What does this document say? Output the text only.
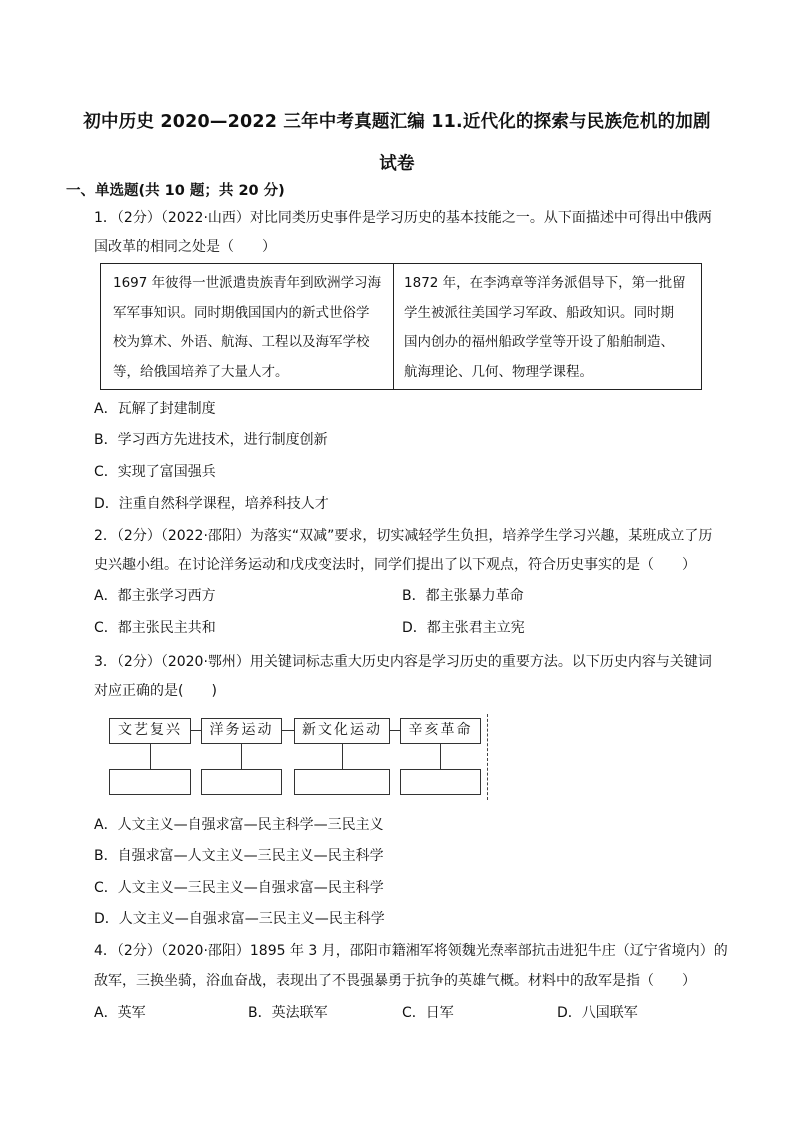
初中历史 2020—2022 三年中考真题汇编 11.近代化的探索与民族危机的加剧
试卷
一、单选题(共 10 题；共 20 分)
1．（2分）（2022·山西）对比同类历史事件是学习历史的基本技能之一。从下面描述中可得出中俄两
国改革的相同之处是（　　）
1697 年彼得一世派遣贵族青年到欧洲学习海
军军事知识。同时期俄国国内的新式世俗学
校为算术、外语、航海、工程以及海军学校
等，给俄国培养了大量人才。
1872 年，在李鸿章等洋务派倡导下，第一批留
学生被派往美国学习军政、船政知识。同时期
国内创办的福州船政学堂等开设了船舶制造、
航海理论、几何、物理学课程。
A．瓦解了封建制度
B．学习西方先进技术，进行制度创新
C．实现了富国强兵
D．注重自然科学课程，培养科技人才
2．（2分）（2022·邵阳）为落实“双减”要求，切实减轻学生负担，培养学生学习兴趣，某班成立了历
史兴趣小组。在讨论洋务运动和戊戌变法时，同学们提出了以下观点，符合历史事实的是（　　）
A．都主张学习西方	B．都主张暴力革命
C．都主张民主共和	D．都主张君主立宪
3．（2分）（2020·鄂州）用关键词标志重大历史内容是学习历史的重要方法。以下历史内容与关键词
对应正确的是(　　)
文艺复兴	洋务运动	新文化运动	辛亥革命
A．人文主义—自强求富—民主科学—三民主义
B．自强求富—人文主义—三民主义—民主科学
C．人文主义—三民主义—自强求富—民主科学
D．人文主义—自强求富—三民主义—民主科学
4．（2分）（2020·邵阳）1895 年 3 月，邵阳市籍湘军将领魏光焘率部抗击进犯牛庄（辽宁省境内）的
敌军，三换坐骑，浴血奋战，表现出了不畏强暴勇于抗争的英雄气概。材料中的敌军是指（　　）
A．英军	B．英法联军	C．日军	D．八国联军
